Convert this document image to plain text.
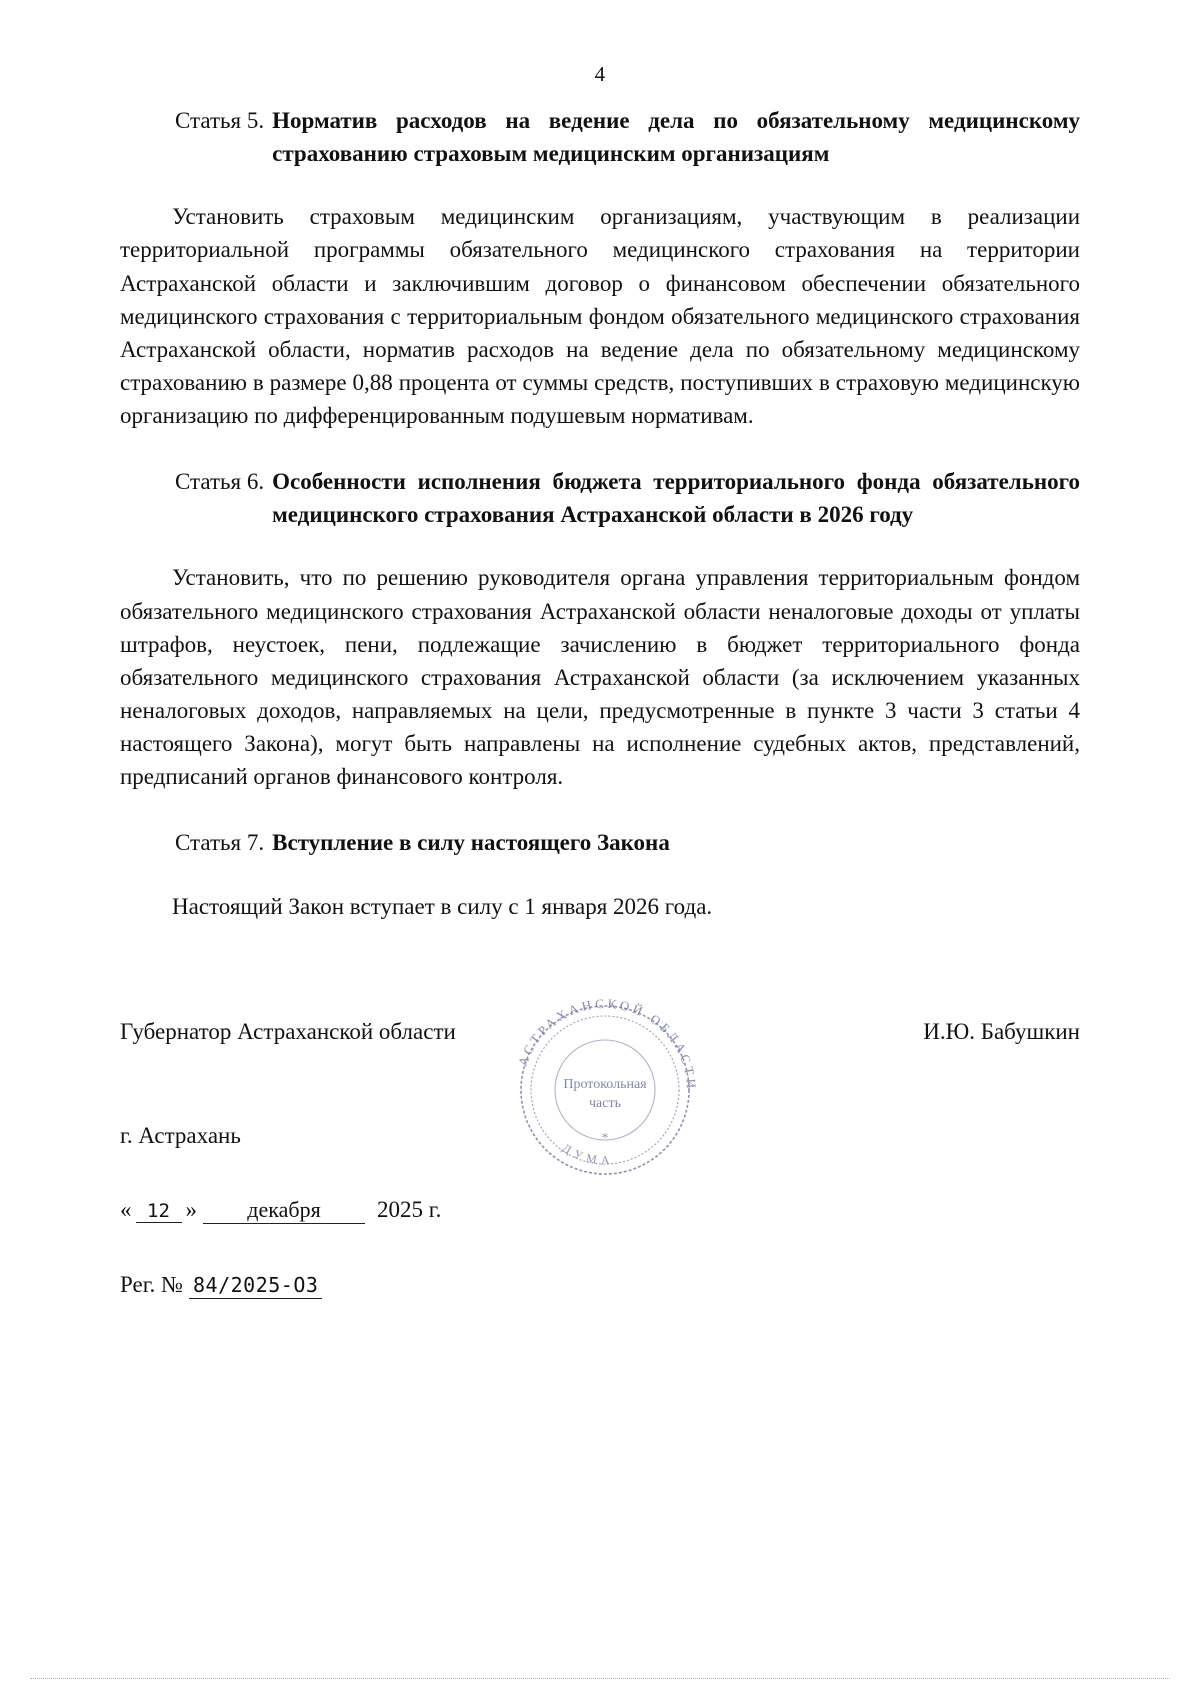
4
Статья 5. Норматив расходов на ведение дела по обязательному медицинскому страхованию страховым медицинским организациям
Установить страховым медицинским организациям, участвующим в реализации территориальной программы обязательного медицинского страхования на территории Астраханской области и заключившим договор о финансовом обеспечении обязательного медицинского страхования с территориальным фондом обязательного медицинского страхования Астраханской области, норматив расходов на ведение дела по обязательному медицинскому страхованию в размере 0,88 процента от суммы средств, поступивших в страховую медицинскую организацию по дифференцированным подушевым нормативам.
Статья 6. Особенности исполнения бюджета территориального фонда обязательного медицинского страхования Астраханской области в 2026 году
Установить, что по решению руководителя органа управления территориальным фондом обязательного медицинского страхования Астраханской области неналоговые доходы от уплаты штрафов, неустоек, пени, подлежащие зачислению в бюджет территориального фонда обязательного медицинского страхования Астраханской области (за исключением указанных неналоговых доходов, направляемых на цели, предусмотренные в пункте 3 части 3 статьи 4 настоящего Закона), могут быть направлены на исполнение судебных актов, представлений, предписаний органов финансового контроля.
Статья 7. Вступление в силу настоящего Закона
Настоящий Закон вступает в силу с 1 января 2026 года.
Губернатор Астраханской области	И.Ю. Бабушкин
г. Астрахань
« 12 »	декабря	2025 г.
Рег. № 84/2025-ОЗ
АСТРАХАНСКОЙ ОБЛАСТИ
ДУМА
Протокольная
часть
*
